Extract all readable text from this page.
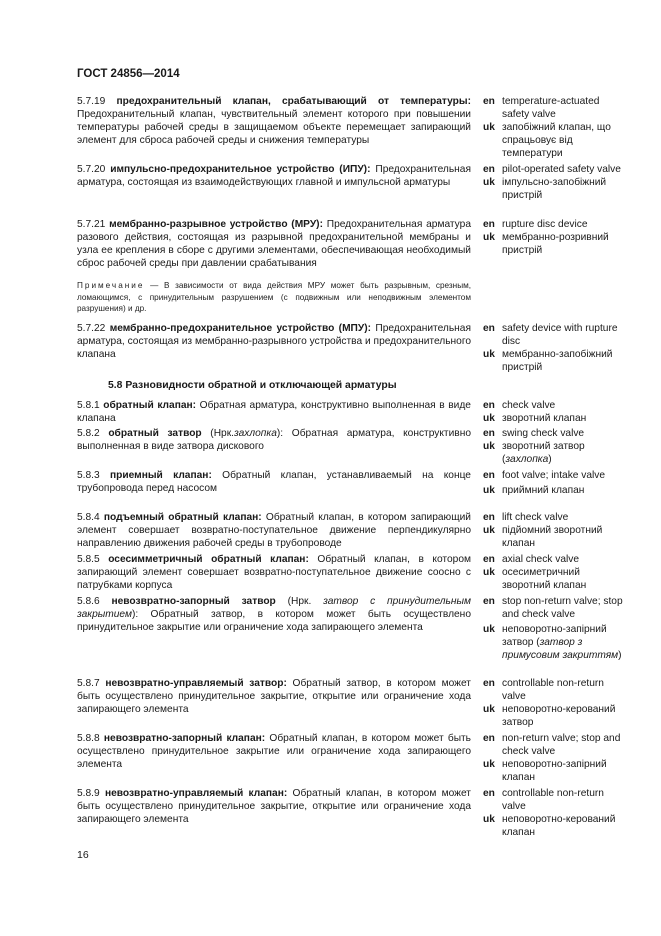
ГОСТ 24856—2014
5.7.19 предохранительный клапан, срабатывающий от температуры: Предохранительный клапан, чувствительный элемент которого при повышении температуры рабочей среды в защищаемом объекте перемещает запирающий элемент для сброса рабочей среды и снижения температуры
en temperature-actuated safety valve
uk запобіжний клапан, що спрацьовує від температури
5.7.20 импульсно-предохранительное устройство (ИПУ): Предохранительная арматура, состоящая из взаимодействующих главной и импульсной арматуры
en pilot-operated safety valve
uk імпульсно-запобіжний пристрій
5.7.21 мембранно-разрывное устройство (МРУ): Предохранительная арматура разового действия, состоящая из разрывной предохранительной мембраны и узла ее крепления в сборе с другими элементами, обеспечивающая необходимый сброс рабочей среды при давлении срабатывания
en rupture disc device
uk мембранно-розривний пристрій
Примечание — В зависимости от вида действия МРУ может быть разрывным, срезным, ломающимся, с принудительным разрушением (с подвижным или неподвижным элементом разрушения) и др.
5.7.22 мембранно-предохранительное устройство (МПУ): Предохранительная арматура, состоящая из мембранно-разрывного устройства и предохранительного клапана
en safety device with rupture disc
uk мембранно-запобіжний пристрій
5.8 Разновидности обратной и отключающей арматуры
5.8.1 обратный клапан: Обратная арматура, конструктивно выполненная в виде клапана
en check valve
uk зворотний клапан
5.8.2 обратный затвор (Нрк.захлопка): Обратная арматура, конструктивно выполненная в виде затвора дискового
en swing check valve
uk зворотний затвор (захлопка)
5.8.3 приемный клапан: Обратный клапан, устанавливаемый на конце трубопровода перед насосом
en foot valve; intake valve
uk приймний клапан
5.8.4 подъемный обратный клапан: Обратный клапан, в котором запирающий элемент совершает возвратно-поступательное движение перпендикулярно направлению движения рабочей среды в трубопроводе
en lift check valve
uk підйомний зворотний клапан
5.8.5 осесимметричный обратный клапан: Обратный клапан, в котором запирающий элемент совершает возвратно-поступательное движение соосно с патрубками корпуса
en axial check valve
uk осесиметричний зворотний клапан
5.8.6 невозвратно-запорный затвор (Нрк. затвор с принудительным закрытием): Обратный затвор, в котором может быть осуществлено принудительное закрытие или ограничение хода запирающего элемента
en stop non-return valve; stop and check valve
uk неповоротно-запірний затвор (затвор з примусовим закриттям)
5.8.7 невозвратно-управляемый затвор: Обратный затвор, в котором может быть осуществлено принудительное закрытие, открытие или ограничение хода запирающего элемента
en controllable non-return valve
uk неповоротно-керований затвор
5.8.8 невозвратно-запорный клапан: Обратный клапан, в котором может быть осуществлено принудительное закрытие или ограничение хода запирающего элемента
en non-return valve; stop and check valve
uk неповоротно-запірний клапан
5.8.9 невозвратно-управляемый клапан: Обратный клапан, в котором может быть осуществлено принудительное закрытие, открытие или ограничение хода запирающего элемента
en controllable non-return valve
uk неповоротно-керований клапан
16
